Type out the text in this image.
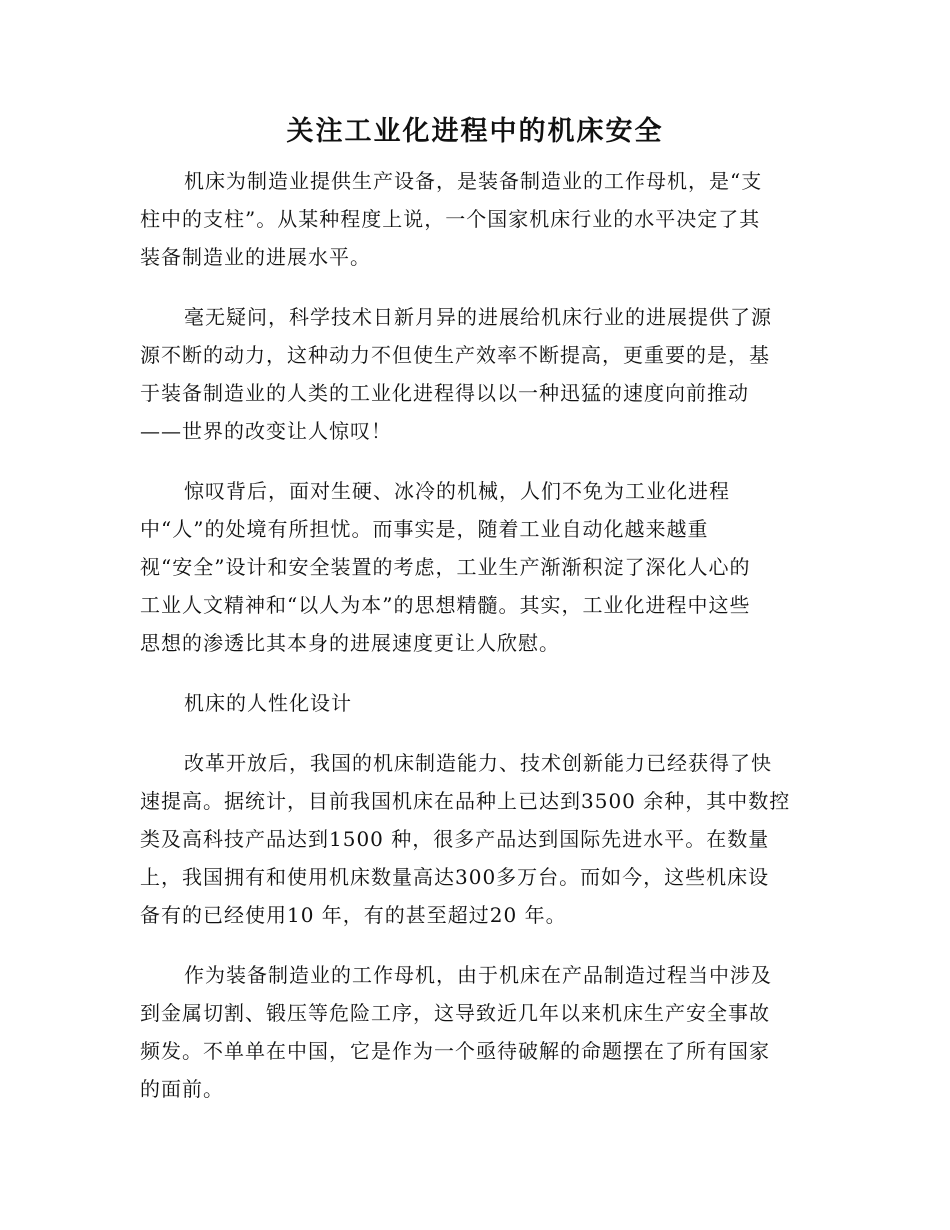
关注工业化进程中的机床安全

机床为制造业提供生产设备，是装备制造业的工作母机，是“支
柱中的支柱”。从某种程度上说，一个国家机床行业的水平决定了其
装备制造业的进展水平。

毫无疑问，科学技术日新月异的进展给机床行业的进展提供了源
源不断的动力，这种动力不但使生产效率不断提高，更重要的是，基
于装备制造业的人类的工业化进程得以以一种迅猛的速度向前推动
——世界的改变让人惊叹！

惊叹背后，面对生硬、冰冷的机械，人们不免为工业化进程
中“人”的处境有所担忧。而事实是，随着工业自动化越来越重
视“安全”设计和安全装置的考虑，工业生产渐渐积淀了深化人心的
工业人文精神和“以人为本”的思想精髓。其实，工业化进程中这些
思想的渗透比其本身的进展速度更让人欣慰。

机床的人性化设计

改革开放后，我国的机床制造能力、技术创新能力已经获得了快
速提高。据统计，目前我国机床在品种上已达到3500 余种，其中数控
类及高科技产品达到1500 种，很多产品达到国际先进水平。在数量
上，我国拥有和使用机床数量高达300多万台。而如今，这些机床设
备有的已经使用10 年，有的甚至超过20 年。

作为装备制造业的工作母机，由于机床在产品制造过程当中涉及
到金属切割、锻压等危险工序，这导致近几年以来机床生产安全事故
频发。不单单在中国，它是作为一个亟待破解的命题摆在了所有国家
的面前。
